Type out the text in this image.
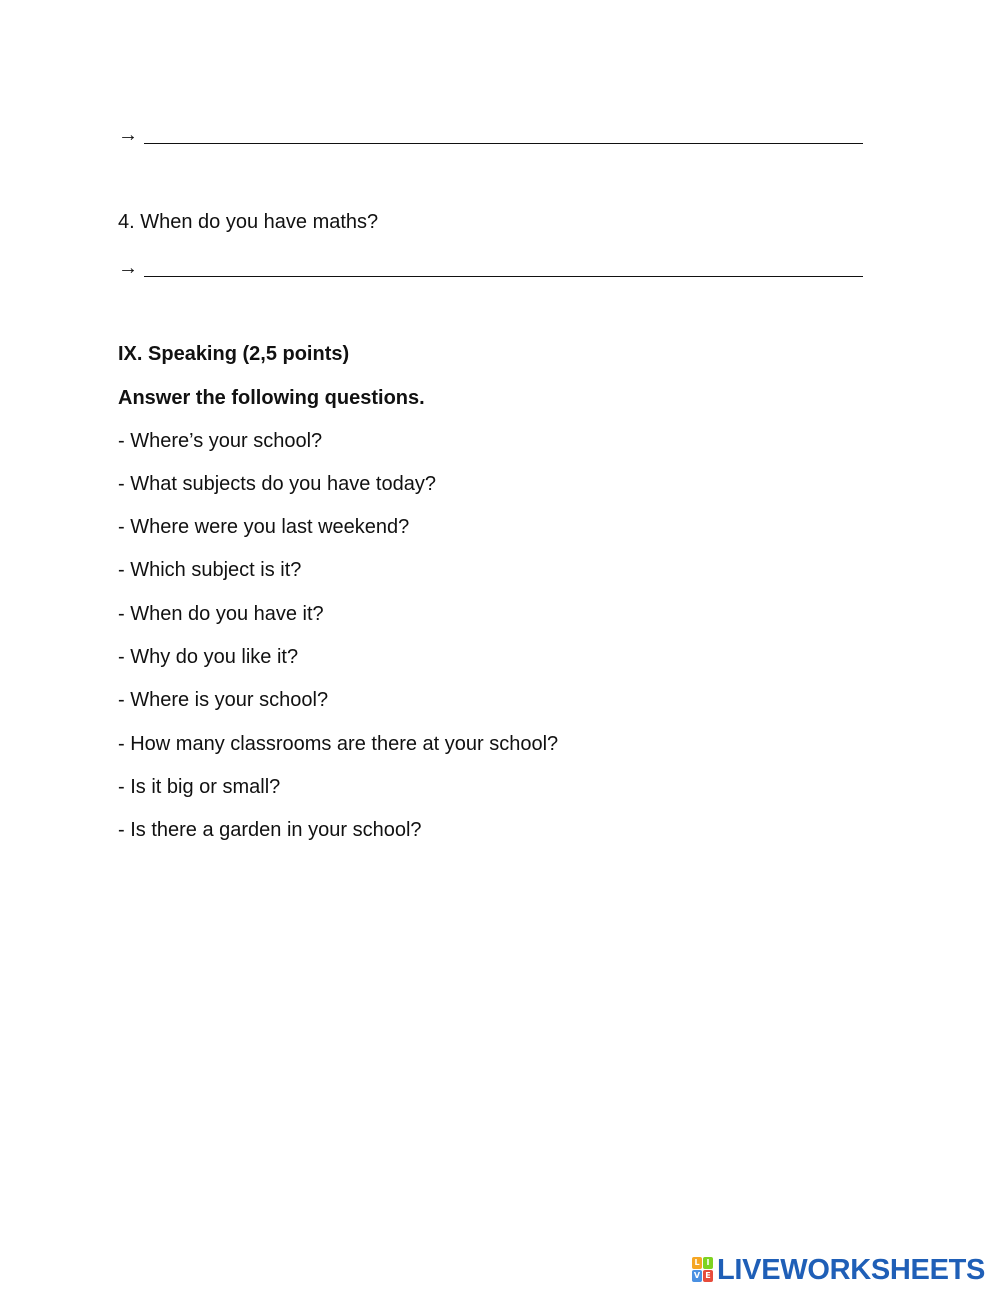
→
4. When do you have maths?
→
IX. Speaking (2,5 points)
Answer the following questions.
- Where’s your school?
- What subjects do you have today?
- Where were you last weekend?
- Which subject is it?
- When do you have it?
- Why do you like it?
- Where is your school?
- How many classrooms are there at your school?
- Is it big or small?
- Is there a garden in your school?
L I
V E LIVEWORKSHEETS
